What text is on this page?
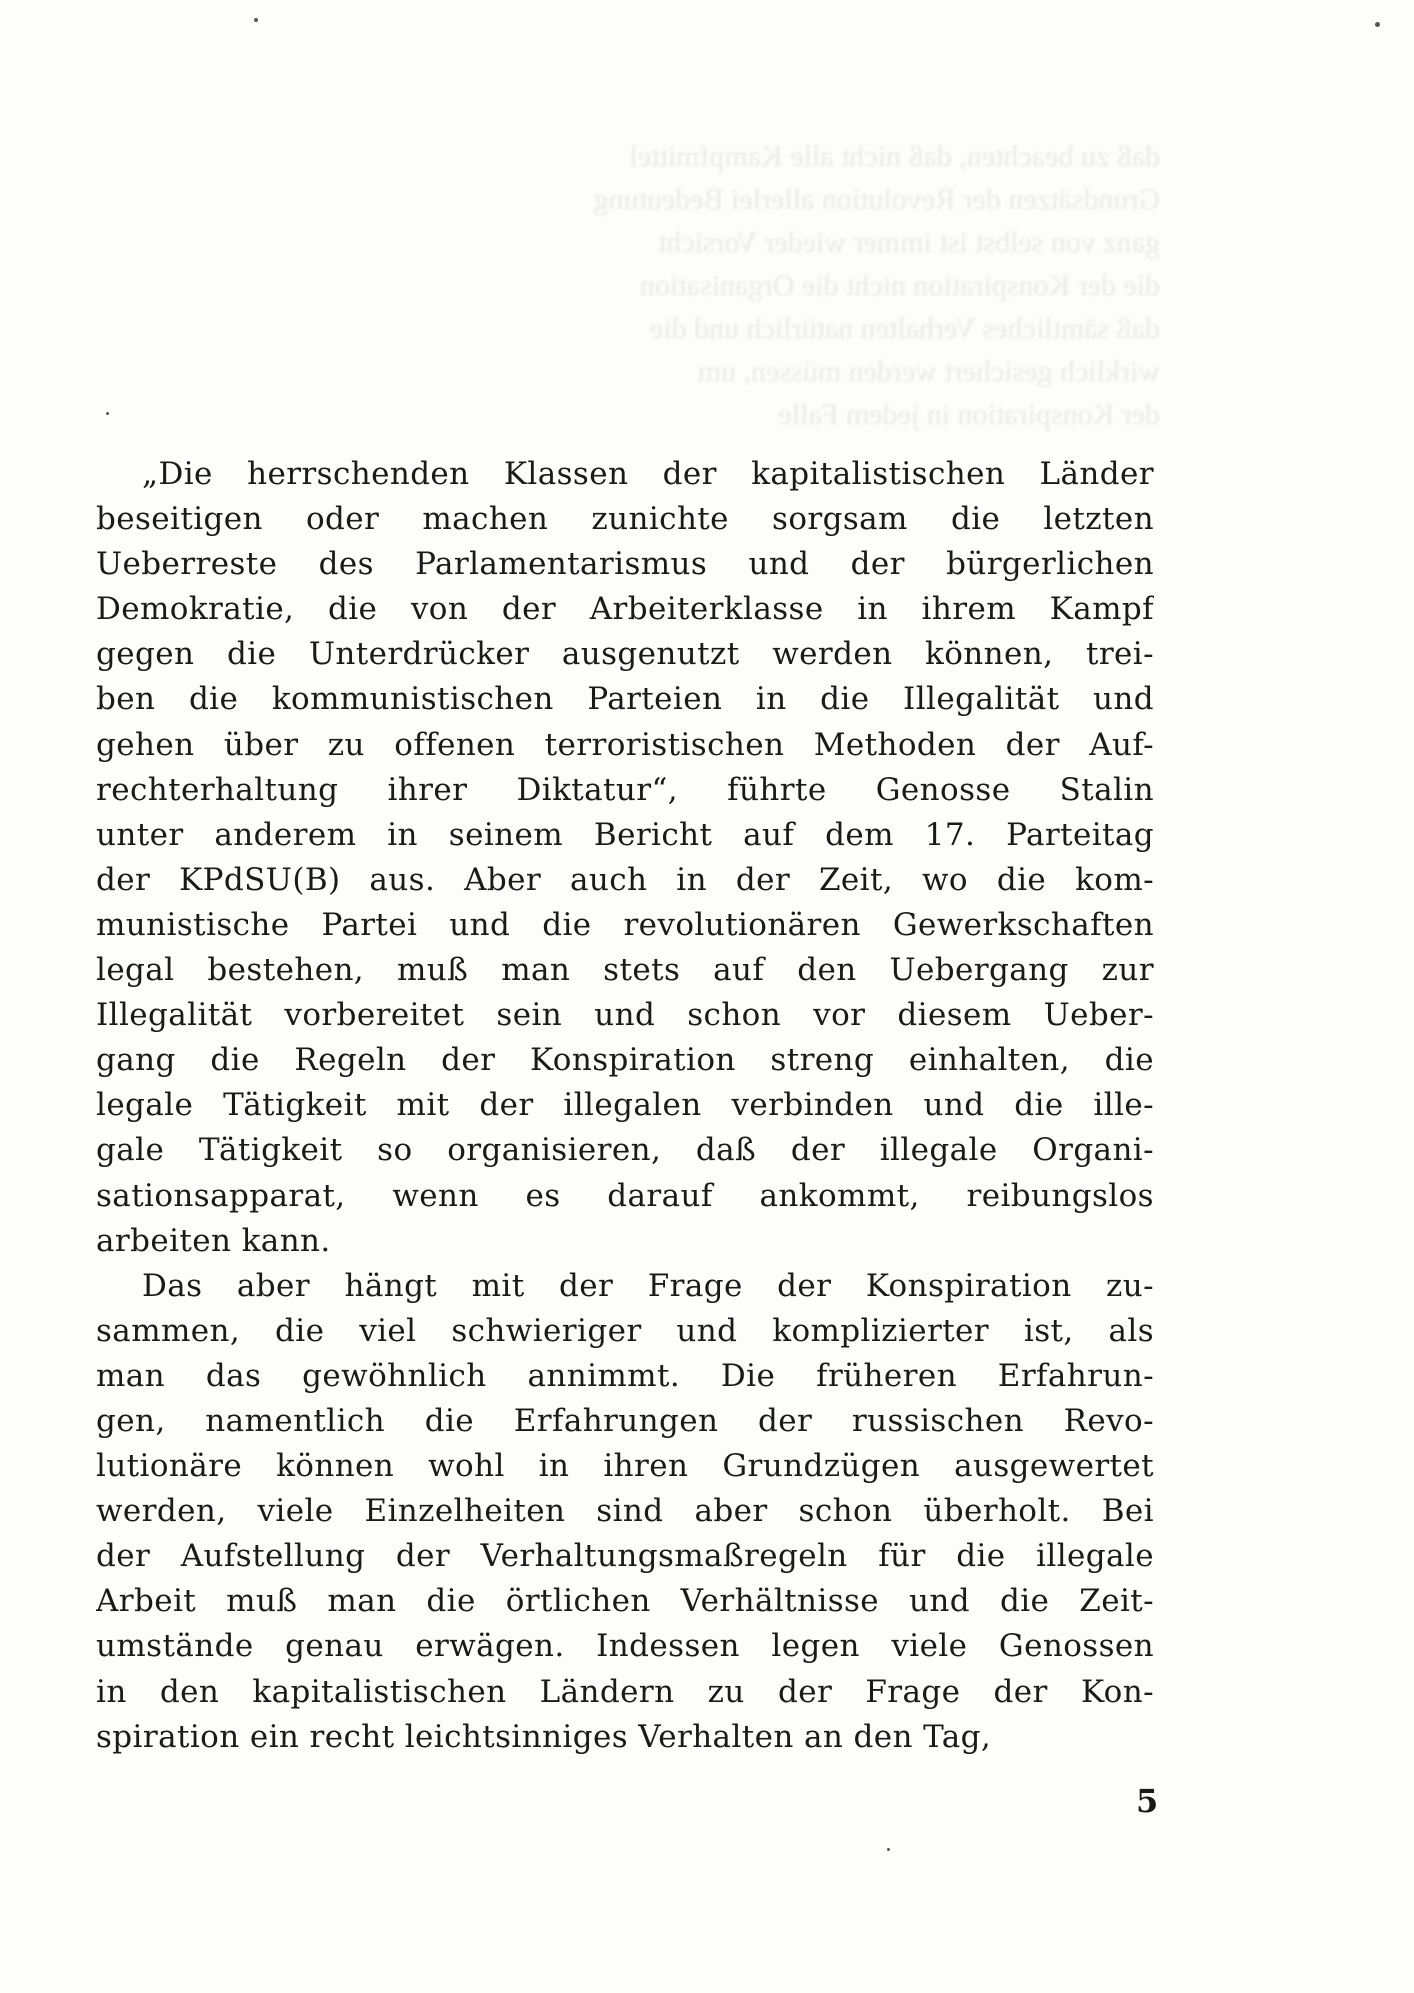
daß zu beachten, daß nicht alle Kampfmittel
Grundsätzen der Revolution allerlei Bedeutung
ganz von selbst ist immer wieder Vorsicht
die der Konspiration nicht die Organisation
daß sämtliches Verhalten natürlich und die
wirklich gesichert werden müssen, um
der Konspiration in jedem Falle
„Die herrschenden Klassen der kapitalistischen Länder
beseitigen oder machen zunichte sorgsam die letzten
Ueberreste des Parlamentarismus und der bürgerlichen
Demokratie, die von der Arbeiterklasse in ihrem Kampf
gegen die Unterdrücker ausgenutzt werden können, trei-
ben die kommunistischen Parteien in die Illegalität und
gehen über zu offenen terroristischen Methoden der Auf-
rechterhaltung ihrer Diktatur“, führte Genosse Stalin
unter anderem in seinem Bericht auf dem 17. Parteitag
der KPdSU(B) aus. Aber auch in der Zeit, wo die kom-
munistische Partei und die revolutionären Gewerkschaften
legal bestehen, muß man stets auf den Uebergang zur
Illegalität vorbereitet sein und schon vor diesem Ueber-
gang die Regeln der Konspiration streng einhalten, die
legale Tätigkeit mit der illegalen verbinden und die ille-
gale Tätigkeit so organisieren, daß der illegale Organi-
sationsapparat, wenn es darauf ankommt, reibungslos
arbeiten kann.
Das aber hängt mit der Frage der Konspiration zu-
sammen, die viel schwieriger und komplizierter ist, als
man das gewöhnlich annimmt. Die früheren Erfahrun-
gen, namentlich die Erfahrungen der russischen Revo-
lutionäre können wohl in ihren Grundzügen ausgewertet
werden, viele Einzelheiten sind aber schon überholt. Bei
der Aufstellung der Verhaltungsmaßregeln für die illegale
Arbeit muß man die örtlichen Verhältnisse und die Zeit-
umstände genau erwägen. Indessen legen viele Genossen
in den kapitalistischen Ländern zu der Frage der Kon-
spiration ein recht leichtsinniges Verhalten an den Tag,
5
